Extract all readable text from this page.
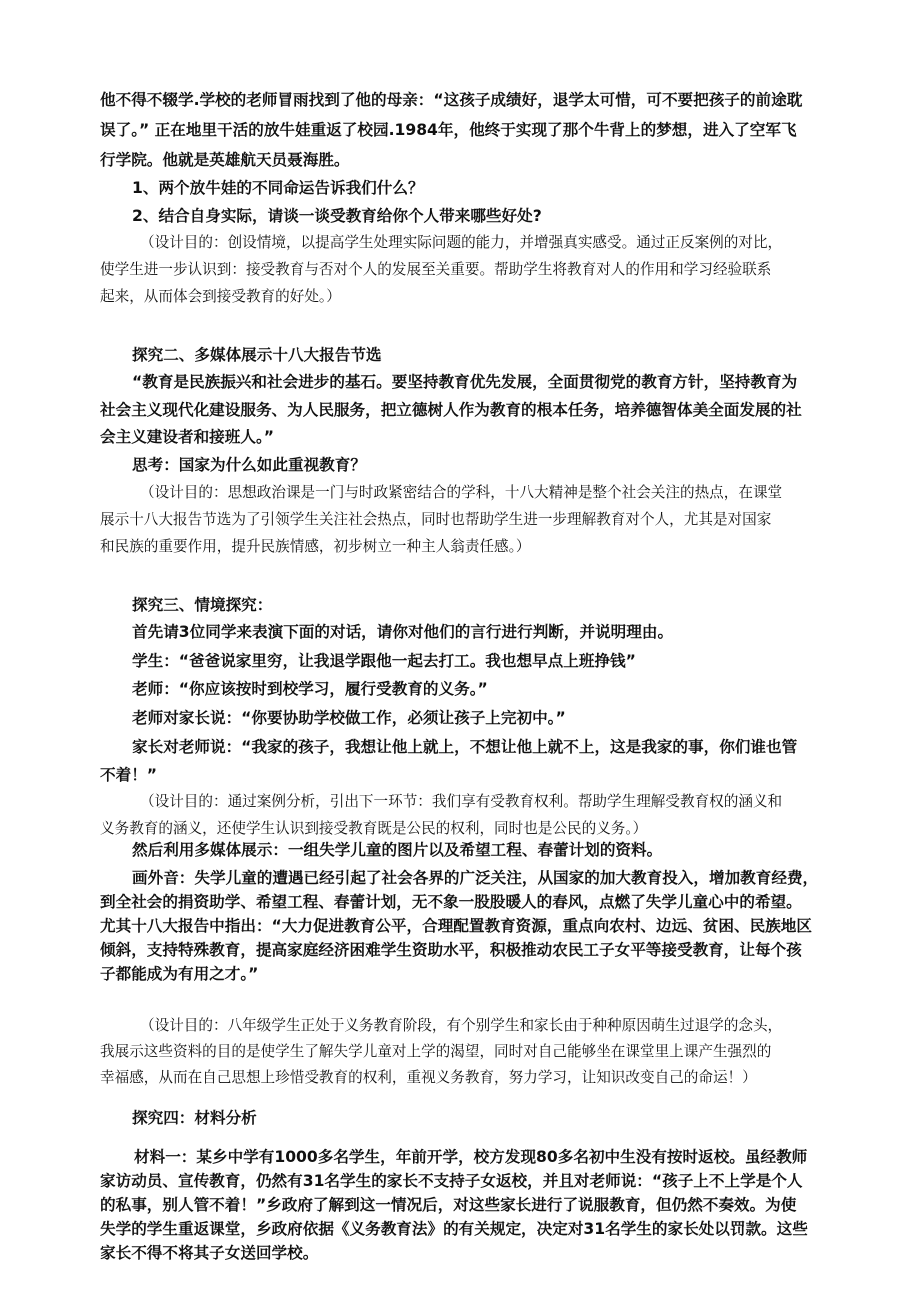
他不得不辍学.学校的老师冒雨找到了他的母亲：“这孩子成绩好，退学太可惜，可不要把孩子的前途耽
误了。” 正在地里干活的放牛娃重返了校园.1984年，他终于实现了那个牛背上的梦想，进入了空军飞
行学院。他就是英雄航天员聂海胜。
1、两个放牛娃的不同命运告诉我们什么？
2、结合自身实际，请谈一谈受教育给你个人带来哪些好处?
（设计目的：创设情境，以提高学生处理实际问题的能力，并增强真实感受。通过正反案例的对比，
使学生进一步认识到：接受教育与否对个人的发展至关重要。帮助学生将教育对人的作用和学习经验联系
起来，从而体会到接受教育的好处。）
探究二、多媒体展示十八大报告节选
“教育是民族振兴和社会进步的基石。要坚持教育优先发展，全面贯彻党的教育方针，坚持教育为
社会主义现代化建设服务、为人民服务，把立德树人作为教育的根本任务，培养德智体美全面发展的社
会主义建设者和接班人。”
思考：国家为什么如此重视教育？
（设计目的：思想政治课是一门与时政紧密结合的学科，十八大精神是整个社会关注的热点，在课堂
展示十八大报告节选为了引领学生关注社会热点，同时也帮助学生进一步理解教育对个人，尤其是对国家
和民族的重要作用，提升民族情感，初步树立一种主人翁责任感。）
探究三、情境探究：
首先请3位同学来表演下面的对话，请你对他们的言行进行判断，并说明理由。
学生：“爸爸说家里穷，让我退学跟他一起去打工。我也想早点上班挣钱”
老师：“你应该按时到校学习，履行受教育的义务。”
老师对家长说：“你要协助学校做工作，必须让孩子上完初中。”
家长对老师说：“我家的孩子，我想让他上就上，不想让他上就不上，这是我家的事，你们谁也管
不着！”
（设计目的：通过案例分析，引出下一环节：我们享有受教育权利。帮助学生理解受教育权的涵义和
义务教育的涵义，还使学生认识到接受教育既是公民的权利，同时也是公民的义务。）
然后利用多媒体展示：一组失学儿童的图片以及希望工程、春蕾计划的资料。
画外音：失学儿童的遭遇已经引起了社会各界的广泛关注，从国家的加大教育投入，增加教育经费，
到全社会的捐资助学、希望工程、春蕾计划，无不象一股股暖人的春风，点燃了失学儿童心中的希望。
尤其十八大报告中指出：“大力促进教育公平，合理配置教育资源，重点向农村、边远、贫困、民族地区
倾斜，支持特殊教育，提高家庭经济困难学生资助水平，积极推动农民工子女平等接受教育，让每个孩
子都能成为有用之才。”
（设计目的：八年级学生正处于义务教育阶段，有个别学生和家长由于种种原因萌生过退学的念头，
我展示这些资料的目的是使学生了解失学儿童对上学的渴望，同时对自己能够坐在课堂里上课产生强烈的
幸福感，从而在自己思想上珍惜受教育的权利，重视义务教育，努力学习，让知识改变自己的命运！）
探究四：材料分析
材料一：某乡中学有1000多名学生，年前开学，校方发现80多名初中生没有按时返校。虽经教师
家访动员、宣传教育，仍然有31名学生的家长不支持子女返校，并且对老师说：“孩子上不上学是个人
的私事，别人管不着！”乡政府了解到这一情况后，对这些家长进行了说服教育，但仍然不奏效。为使
失学的学生重返课堂，乡政府依据《义务教育法》的有关规定，决定对31名学生的家长处以罚款。这些
家长不得不将其子女送回学校。
